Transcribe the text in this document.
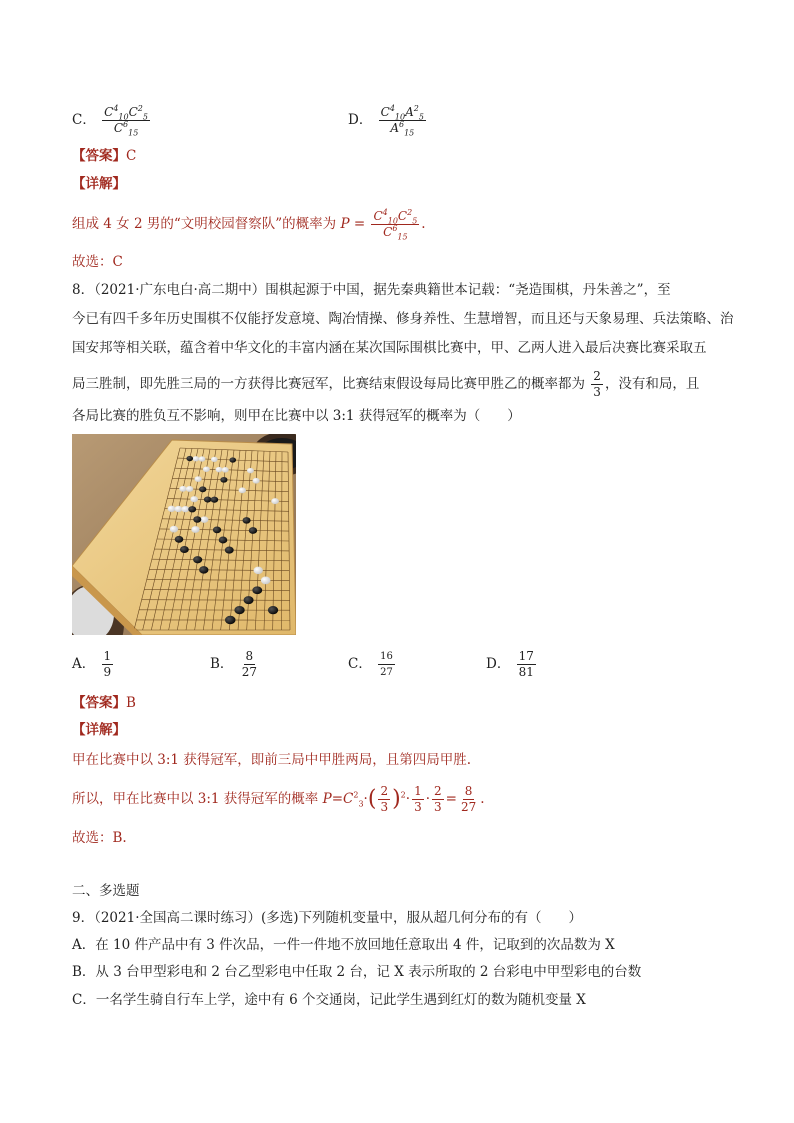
C． $\frac{C^4_{10}C^2_5}{C^6_{15}}$	D． $\frac{C^4_{10}A^2_5}{A^6_{15}}$
【答案】C
【详解】
组成 4 女 2 男的“文明校园督察队”的概率为 $P = \frac{C^4_{10}C^2_5}{C^6_{15}}$ .
故选：C
8．（2021·广东电白·高二期中）围棋起源于中国，据先秦典籍世本记载：“尧造围棋，丹朱善之”，至
今已有四千多年历史围棋不仅能抒发意境、陶冶情操、修身养性、生慧增智，而且还与天象易理、兵法策略、治
国安邦等相关联，蕴含着中华文化的丰富内涵在某次国际围棋比赛中，甲、乙两人进入最后决赛比赛采取五
局三胜制，即先胜三局的一方获得比赛冠军，比赛结束假设每局比赛甲胜乙的概率都为 $\frac{2}{3}$ ，没有和局，且
各局比赛的胜负互不影响，则甲在比赛中以 3:1 获得冠军的概率为（　　）
A． $\frac{1}{9}$	B． $\frac{8}{27}$	C． $\frac{16}{27}$	D． $\frac{17}{81}$
【答案】B
【详解】
甲在比赛中以 3:1 获得冠军，即前三局中甲胜两局，且第四局甲胜.
所以，甲在比赛中以 3:1 获得冠军的概率 $P=C^2_3\cdot( \frac{2}{3} )^2\cdot \frac{1}{3} \cdot \frac{2}{3} = \frac{8}{27}$ .
故选：B.
二、多选题
9．（2021·全国高二课时练习）(多选)下列随机变量中，服从超几何分布的有（　　）
A．在 10 件产品中有 3 件次品，一件一件地不放回地任意取出 4 件，记取到的次品数为 X
B．从 3 台甲型彩电和 2 台乙型彩电中任取 2 台，记 X 表示所取的 2 台彩电中甲型彩电的台数
C．一名学生骑自行车上学，途中有 6 个交通岗，记此学生遇到红灯的数为随机变量 X
